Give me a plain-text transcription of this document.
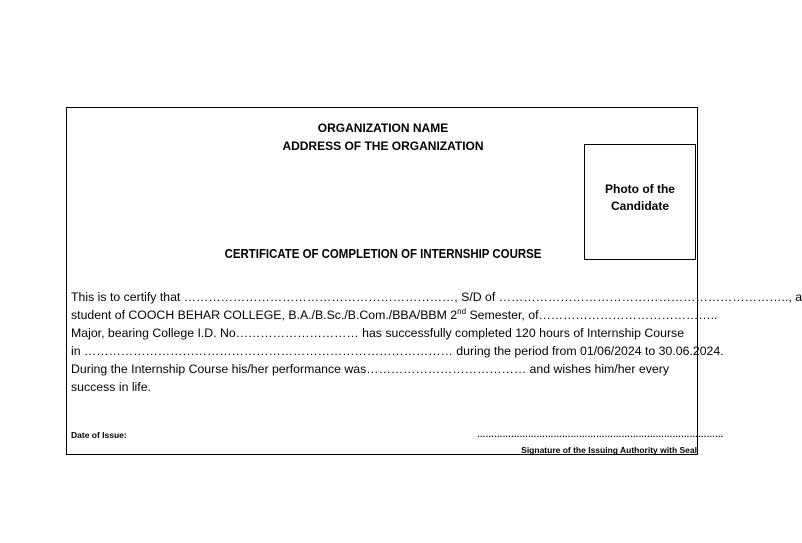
ORGANIZATION NAME
ADDRESS OF THE ORGANIZATION
Photo of the
Candidate
CERTIFICATE OF COMPLETION OF INTERNSHIP COURSE
This is to certify that …………………………………………………………, S/D of …………………………………………………………….., a
student of COOCH BEHAR COLLEGE, B.A./B.Sc./B.Com./BBA/BBM 2nd Semester, of……………………………………..
Major, bearing College I.D. No………………………… has successfully completed 120 hours of Internship Course
in ……………………………………………………………………………… during the period from 01/06/2024 to 30.06.2024.
During the Internship Course his/her performance was………………………………… and wishes him/her every
success in life.
Date of Issue:	……………………………………………………………………………
Signature of the Issuing Authority with Seal
